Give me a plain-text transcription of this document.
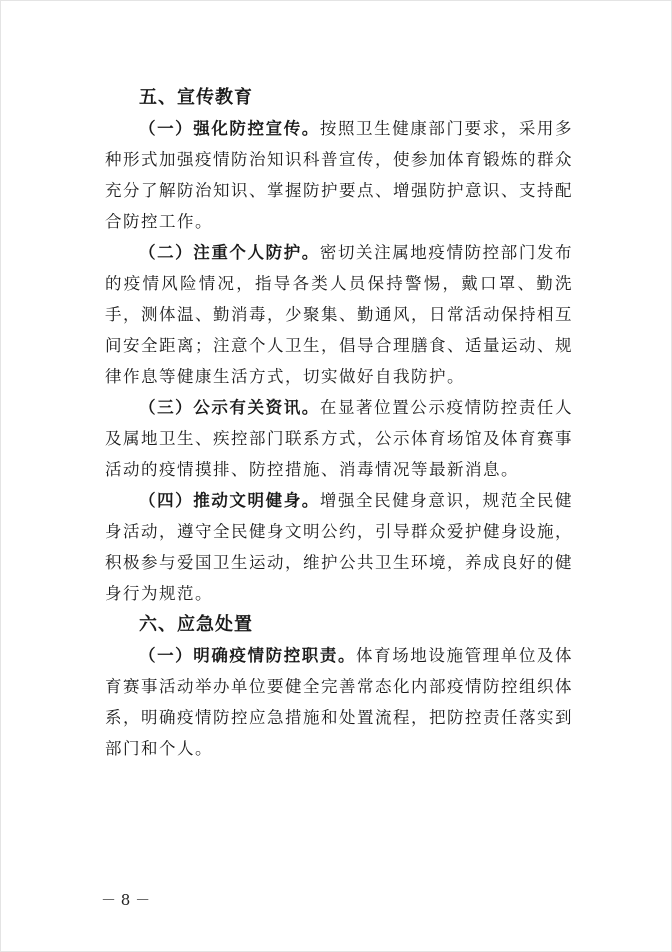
五、宣传教育

（一）强化防控宣传。按照卫生健康部门要求，采用多种形式加强疫情防治知识科普宣传，使参加体育锻炼的群众充分了解防治知识、掌握防护要点、增强防护意识、支持配合防控工作。

（二）注重个人防护。密切关注属地疫情防控部门发布的疫情风险情况，指导各类人员保持警惕，戴口罩、勤洗手，测体温、勤消毒，少聚集、勤通风，日常活动保持相互间安全距离；注意个人卫生，倡导合理膳食、适量运动、规律作息等健康生活方式，切实做好自我防护。

（三）公示有关资讯。在显著位置公示疫情防控责任人及属地卫生、疾控部门联系方式，公示体育场馆及体育赛事活动的疫情摸排、防控措施、消毒情况等最新消息。

（四）推动文明健身。增强全民健身意识，规范全民健身活动，遵守全民健身文明公约，引导群众爱护健身设施，积极参与爱国卫生运动，维护公共卫生环境，养成良好的健身行为规范。

六、应急处置

（一）明确疫情防控职责。体育场地设施管理单位及体育赛事活动举办单位要健全完善常态化内部疫情防控组织体系，明确疫情防控应急措施和处置流程，把防控责任落实到部门和个人。

－ 8 －
